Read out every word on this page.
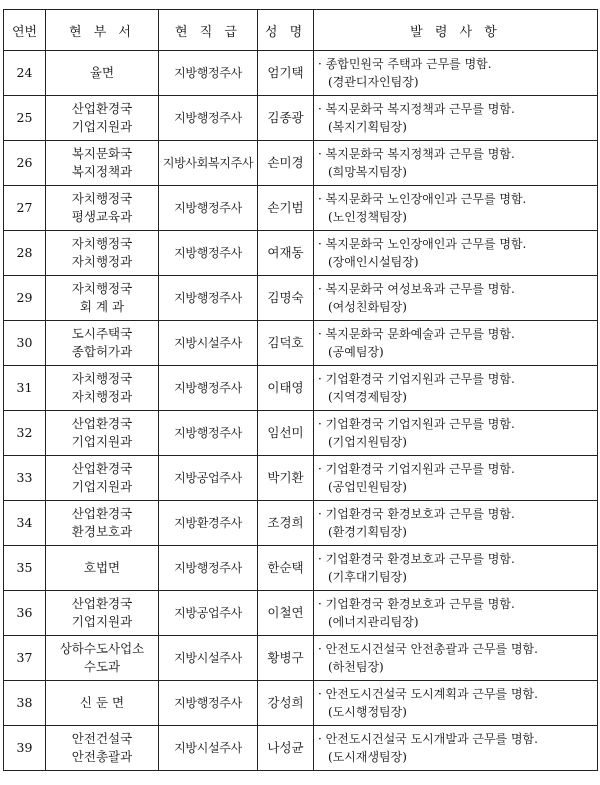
연번	현 부 서	현 직 급	성 명	발 령 사 항
24	율면	지방행정주사	엄기택	· 종합민원국 주택과 근무를 명함.
(경관디자인팀장)

25	산업환경국
기업지원과	지방행정주사	김종광	· 복지문화국 복지정책과 근무를 명함.
(복지기획팀장)

26	복지문화국
복지정책과	지방사회복지주사	손미경	· 복지문화국 복지정책과 근무를 명함.
(희망복지팀장)

27	자치행정국
평생교육과	지방행정주사	손기범	· 복지문화국 노인장애인과 근무를 명함.
(노인정책팀장)

28	자치행정국
자치행정과	지방행정주사	여재동	· 복지문화국 노인장애인과 근무를 명함.
(장애인시설팀장)

29	자치행정국
회 계 과	지방행정주사	김명숙	· 복지문화국 여성보육과 근무를 명함.
(여성친화팀장)

30	도시주택국
종합허가과	지방시설주사	김덕호	· 복지문화국 문화예술과 근무를 명함.
(공예팀장)

31	자치행정국
자치행정과	지방행정주사	이태영	· 기업환경국 기업지원과 근무를 명함.
(지역경제팀장)

32	산업환경국
기업지원과	지방행정주사	임선미	· 기업환경국 기업지원과 근무를 명함.
(기업지원팀장)

33	산업환경국
기업지원과	지방공업주사	박기환	· 기업환경국 기업지원과 근무를 명함.
(공업민원팀장)

34	산업환경국
환경보호과	지방환경주사	조경희	· 기업환경국 환경보호과 근무를 명함.
(환경기획팀장)

35	호법면	지방행정주사	한순택	· 기업환경국 환경보호과 근무를 명함.
(기후대기팀장)

36	산업환경국
기업지원과	지방공업주사	이철연	· 기업환경국 환경보호과 근무를 명함.
(에너지관리팀장)

37	상하수도사업소
수도과	지방시설주사	황병구	· 안전도시건설국 안전총괄과 근무를 명함.
(하천팀장)

38	신 둔 면	지방행정주사	강성희	· 안전도시건설국 도시계획과 근무를 명함.
(도시행정팀장)

39	안전건설국
안전총괄과	지방시설주사	나성균	· 안전도시건설국 도시개발과 근무를 명함.
(도시재생팀장)
